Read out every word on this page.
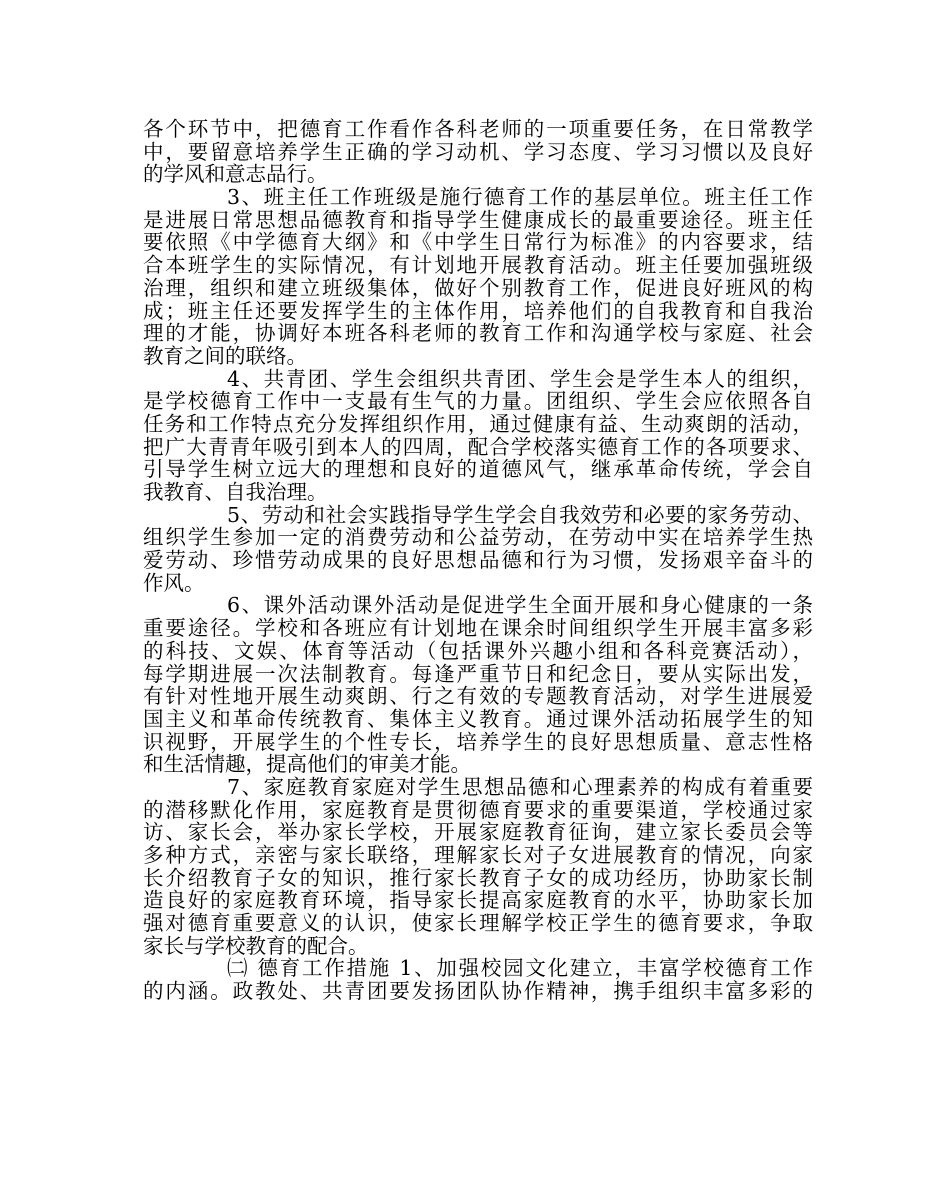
各个环节中，把德育工作看作各科老师的一项重要任务，在日常教学
中，要留意培养学生正确的学习动机、学习态度、学习习惯以及良好
的学风和意志品行。
3、班主任工作班级是施行德育工作的基层单位。班主任工作
是进展日常思想品德教育和指导学生健康成长的最重要途径。班主任
要依照《中学德育大纲》和《中学生日常行为标准》的内容要求，结
合本班学生的实际情况，有计划地开展教育活动。班主任要加强班级
治理，组织和建立班级集体，做好个别教育工作，促进良好班风的构
成；班主任还要发挥学生的主体作用，培养他们的自我教育和自我治
理的才能，协调好本班各科老师的教育工作和沟通学校与家庭、社会
教育之间的联络。
4、共青团、学生会组织共青团、学生会是学生本人的组织，
是学校德育工作中一支最有生气的力量。团组织、学生会应依照各自
任务和工作特点充分发挥组织作用，通过健康有益、生动爽朗的活动，
把广大青青年吸引到本人的四周，配合学校落实德育工作的各项要求、
引导学生树立远大的理想和良好的道德风气，继承革命传统，学会自
我教育、自我治理。
5、劳动和社会实践指导学生学会自我效劳和必要的家务劳动、
组织学生参加一定的消费劳动和公益劳动，在劳动中实在培养学生热
爱劳动、珍惜劳动成果的良好思想品德和行为习惯，发扬艰辛奋斗的
作风。
6、课外活动课外活动是促进学生全面开展和身心健康的一条
重要途径。学校和各班应有计划地在课余时间组织学生开展丰富多彩
的科技、文娱、体育等活动（包括课外兴趣小组和各科竞赛活动），
每学期进展一次法制教育。每逢严重节日和纪念日，要从实际出发，
有针对性地开展生动爽朗、行之有效的专题教育活动，对学生进展爱
国主义和革命传统教育、集体主义教育。通过课外活动拓展学生的知
识视野，开展学生的个性专长，培养学生的良好思想质量、意志性格
和生活情趣，提高他们的审美才能。
7、家庭教育家庭对学生思想品德和心理素养的构成有着重要
的潜移默化作用，家庭教育是贯彻德育要求的重要渠道，学校通过家
访、家长会，举办家长学校，开展家庭教育征询，建立家长委员会等
多种方式，亲密与家长联络，理解家长对子女进展教育的情况，向家
长介绍教育子女的知识，推行家长教育子女的成功经历，协助家长制
造良好的家庭教育环境，指导家长提高家庭教育的水平，协助家长加
强对德育重要意义的认识，使家长理解学校正学生的德育要求，争取
家长与学校教育的配合。
㈡ 德育工作措施 1、加强校园文化建立，丰富学校德育工作
的内涵。政教处、共青团要发扬团队协作精神，携手组织丰富多彩的
